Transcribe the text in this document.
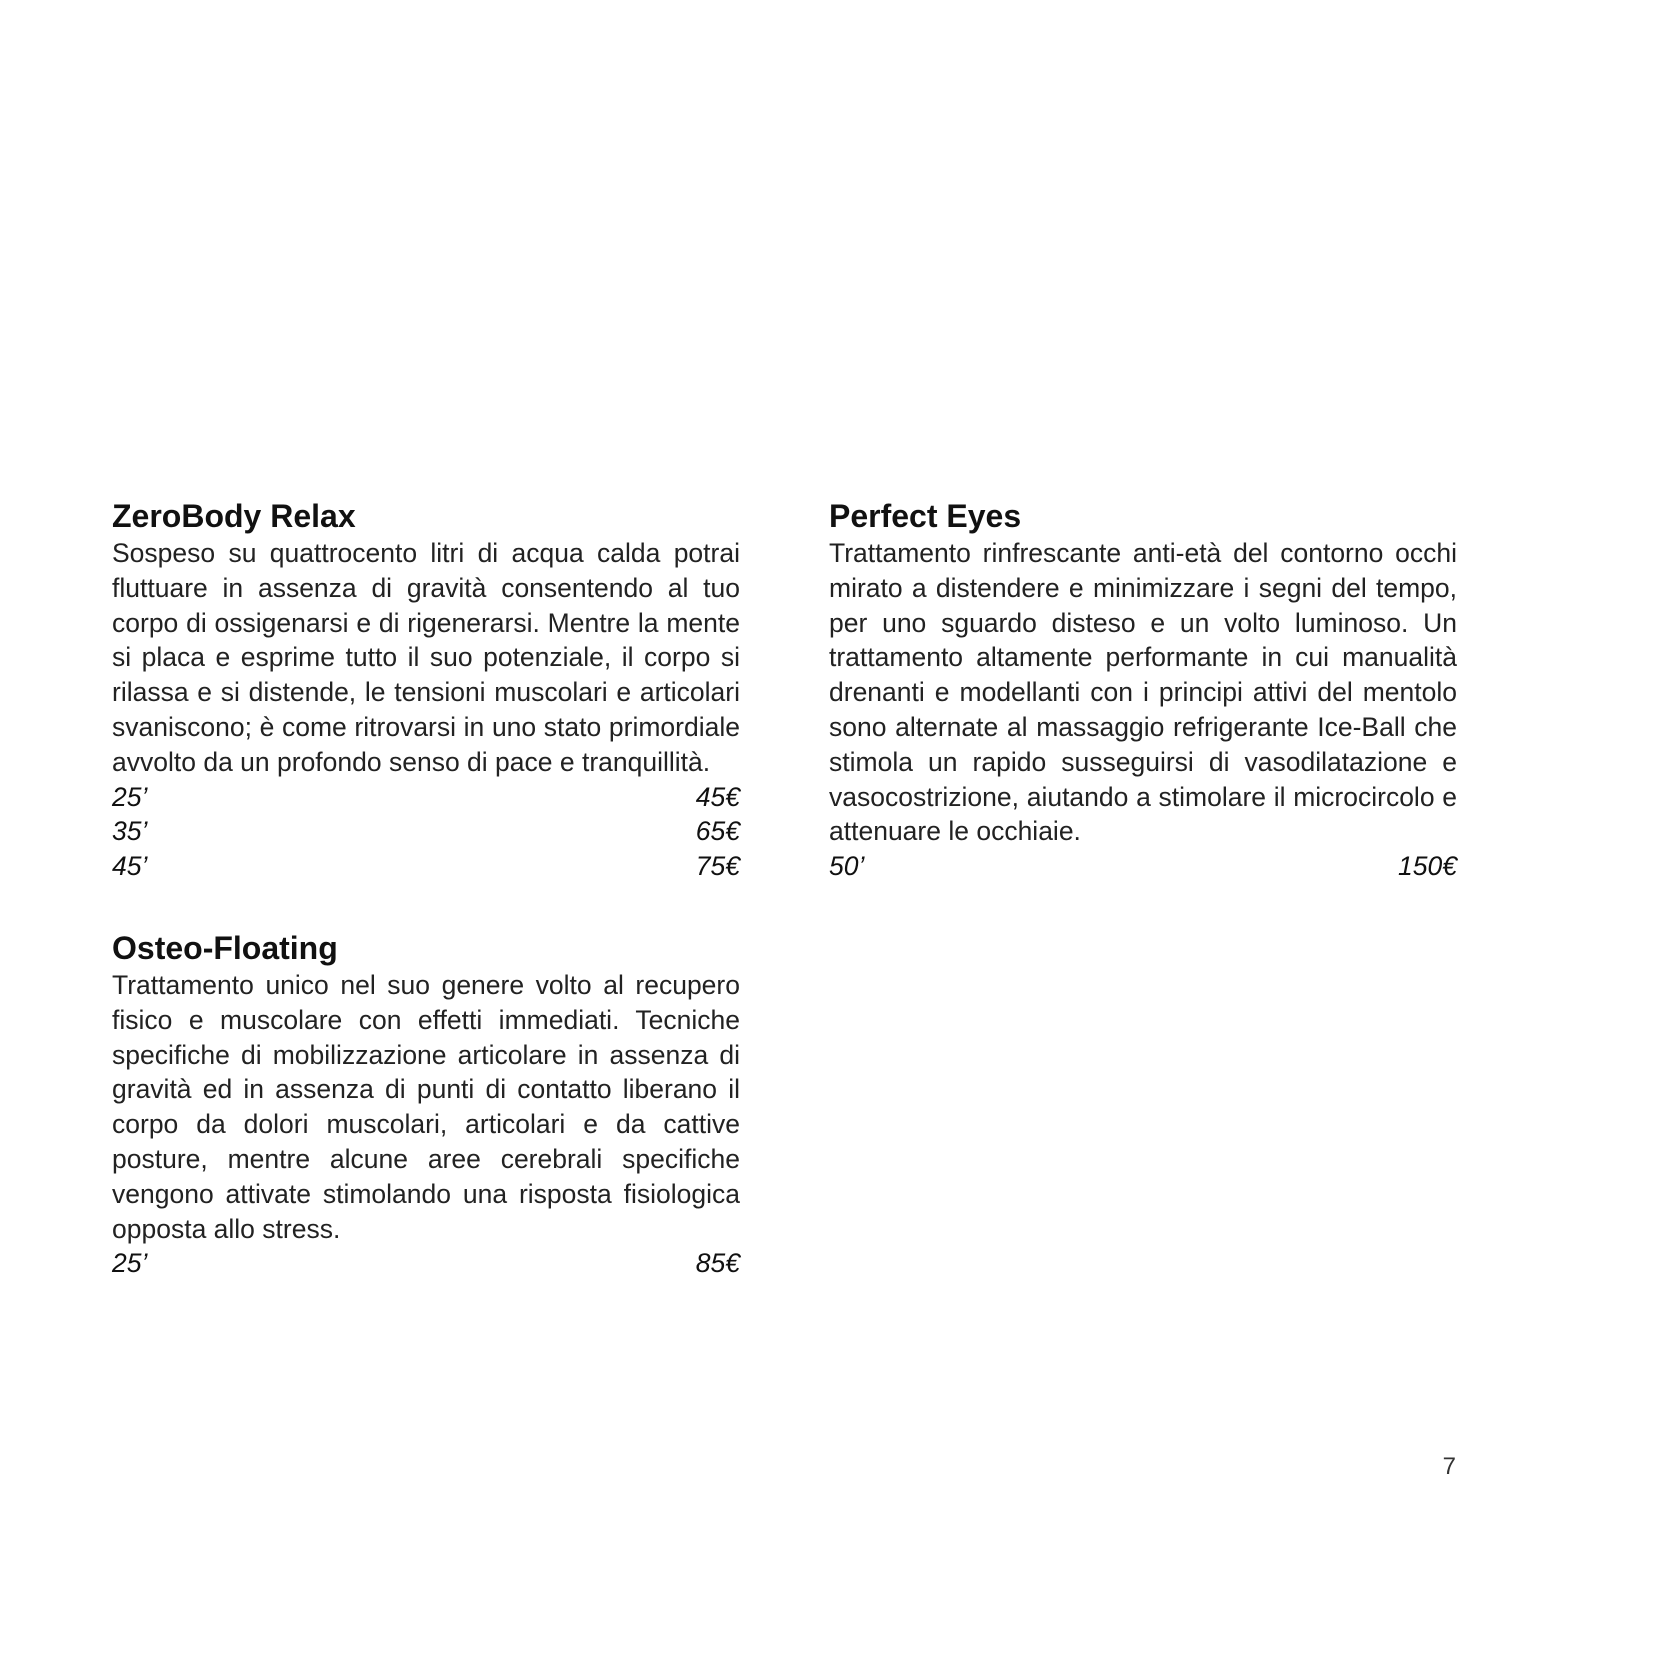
ZeroBody Relax

Sospeso su quattrocento litri di acqua calda potrai fluttuare in assenza di gravità consentendo al tuo corpo di ossigenarsi e di rigenerarsi. Mentre la mente si placa e esprime tutto il suo potenziale, il corpo si rilassa e si distende, le tensioni muscolari e articolari svaniscono; è come ritrovarsi in uno stato primordiale avvolto da un profondo senso di pace e tranquillità.

25’	45€
35’	65€
45’	75€
Osteo-Floating

Trattamento unico nel suo genere volto al recupero fisico e muscolare con effetti immediati. Tecniche specifiche di mobilizzazione articolare in assenza di gravità ed in assenza di punti di contatto liberano il corpo da dolori muscolari, articolari e da cattive posture, mentre alcune aree cerebrali specifiche vengono attivate stimolando una risposta fisiologica opposta allo stress.

25’	85€
Perfect Eyes

Trattamento rinfrescante anti-età del contorno occhi mirato a distendere e minimizzare i segni del tempo, per uno sguardo disteso e un volto luminoso. Un trattamento altamente performante in cui manualità drenanti e modellanti con i principi attivi del mentolo sono alternate al massaggio refrigerante Ice-Ball che stimola un rapido susseguirsi di vasodilatazione e vasocostrizione, aiutando a stimolare il microcircolo e attenuare le occhiaie.

50’	150€
7
